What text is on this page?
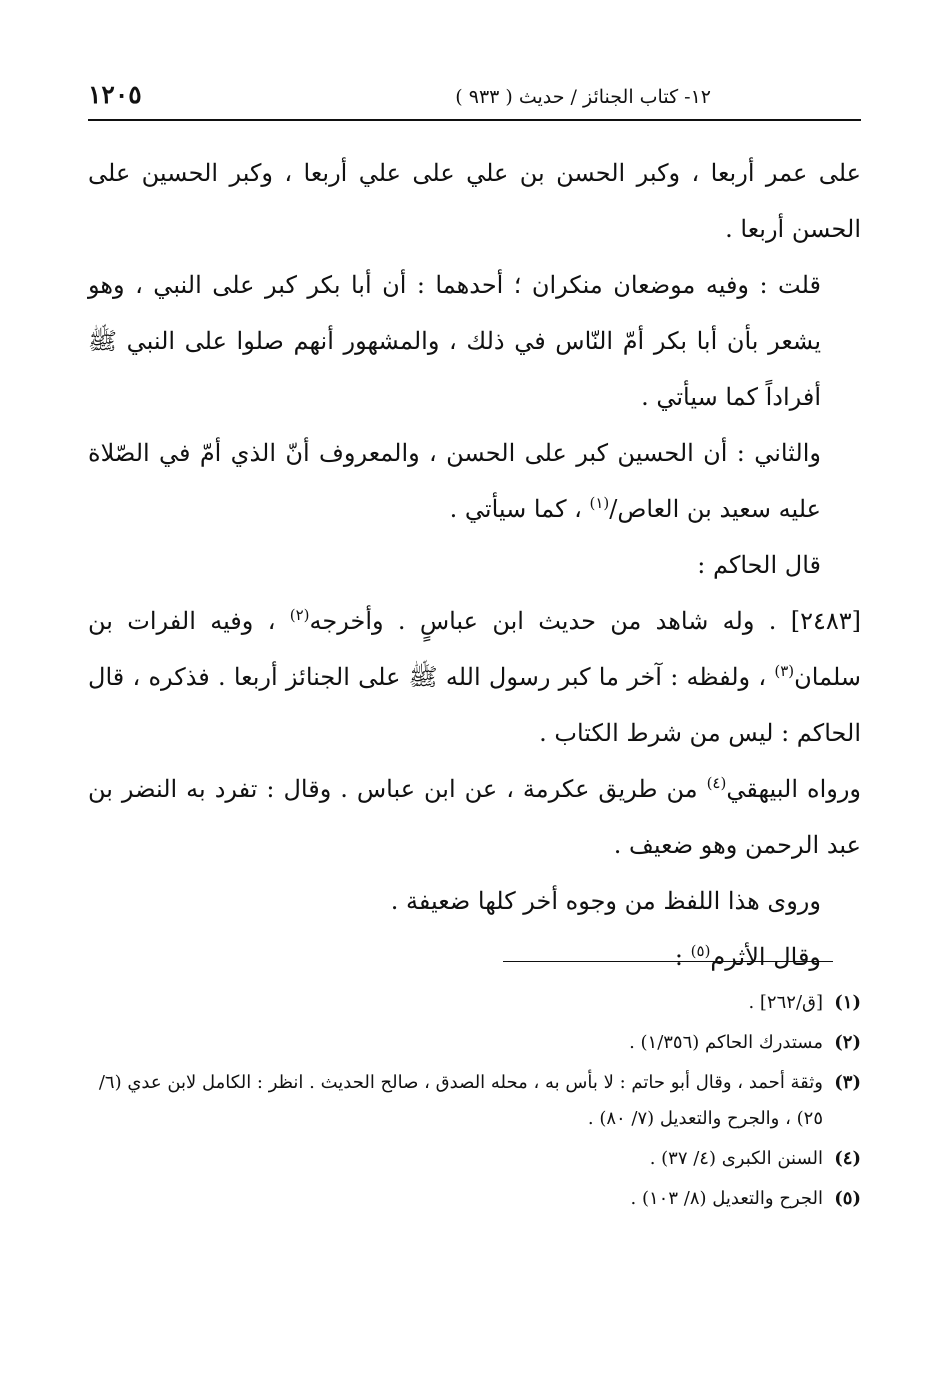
١٢- كتاب الجنائز / حديث ( ٩٣٣ )
١٢٠٥

على عمر أربعا ، وكبر الحسن بن علي على علي أربعا ، وكبر الحسين على الحسن أربعا .

قلت : وفيه موضعان منكران ؛ أحدهما : أن أبا بكر كبر على النبي ، وهو يشعر بأن أبا بكر أمّ النّاس في ذلك ، والمشهور أنهم صلوا على النبي ﷺ أفراداً كما سيأتي .

والثاني : أن الحسين كبر على الحسن ، والمعروف أنّ الذي أمّ في الصّلاة عليه سعيد بن العاص/$^{(١)}$ ، كما سيأتي .

قال الحاكم :

[٢٤٨٣] . وله شاهد من حديث ابن عباسٍ . وأخرجه$^{(٢)}$ ، وفيه الفرات بن سلمان$^{(٣)}$ ، ولفظه : آخر ما كبر رسول الله ﷺ على الجنائز أربعا . فذكره ، قال الحاكم : ليس من شرط الكتاب .

ورواه البيهقي$^{(٤)}$ من طريق عكرمة ، عن ابن عباس . وقال : تفرد به النضر بن عبد الرحمن وهو ضعيف .

وروى هذا اللفظ من وجوه أخر كلها ضعيفة .

وقال الأثرم$^{(٥)}$ :

(١)
[ق/٢٦٢] .

(٢)
مستدرك الحاكم (١/٣٥٦) .

(٣)
وثقة أحمد ، وقال أبو حاتم : لا بأس به ، محله الصدق ، صالح الحديث . انظر : الكامل لابن عدي (٦/ ٢٥) ، والجرح والتعديل (٧/ ٨٠) .

(٤)
السنن الكبرى (٤/ ٣٧) .

(٥)
الجرح والتعديل (٨/ ١٠٣) .
